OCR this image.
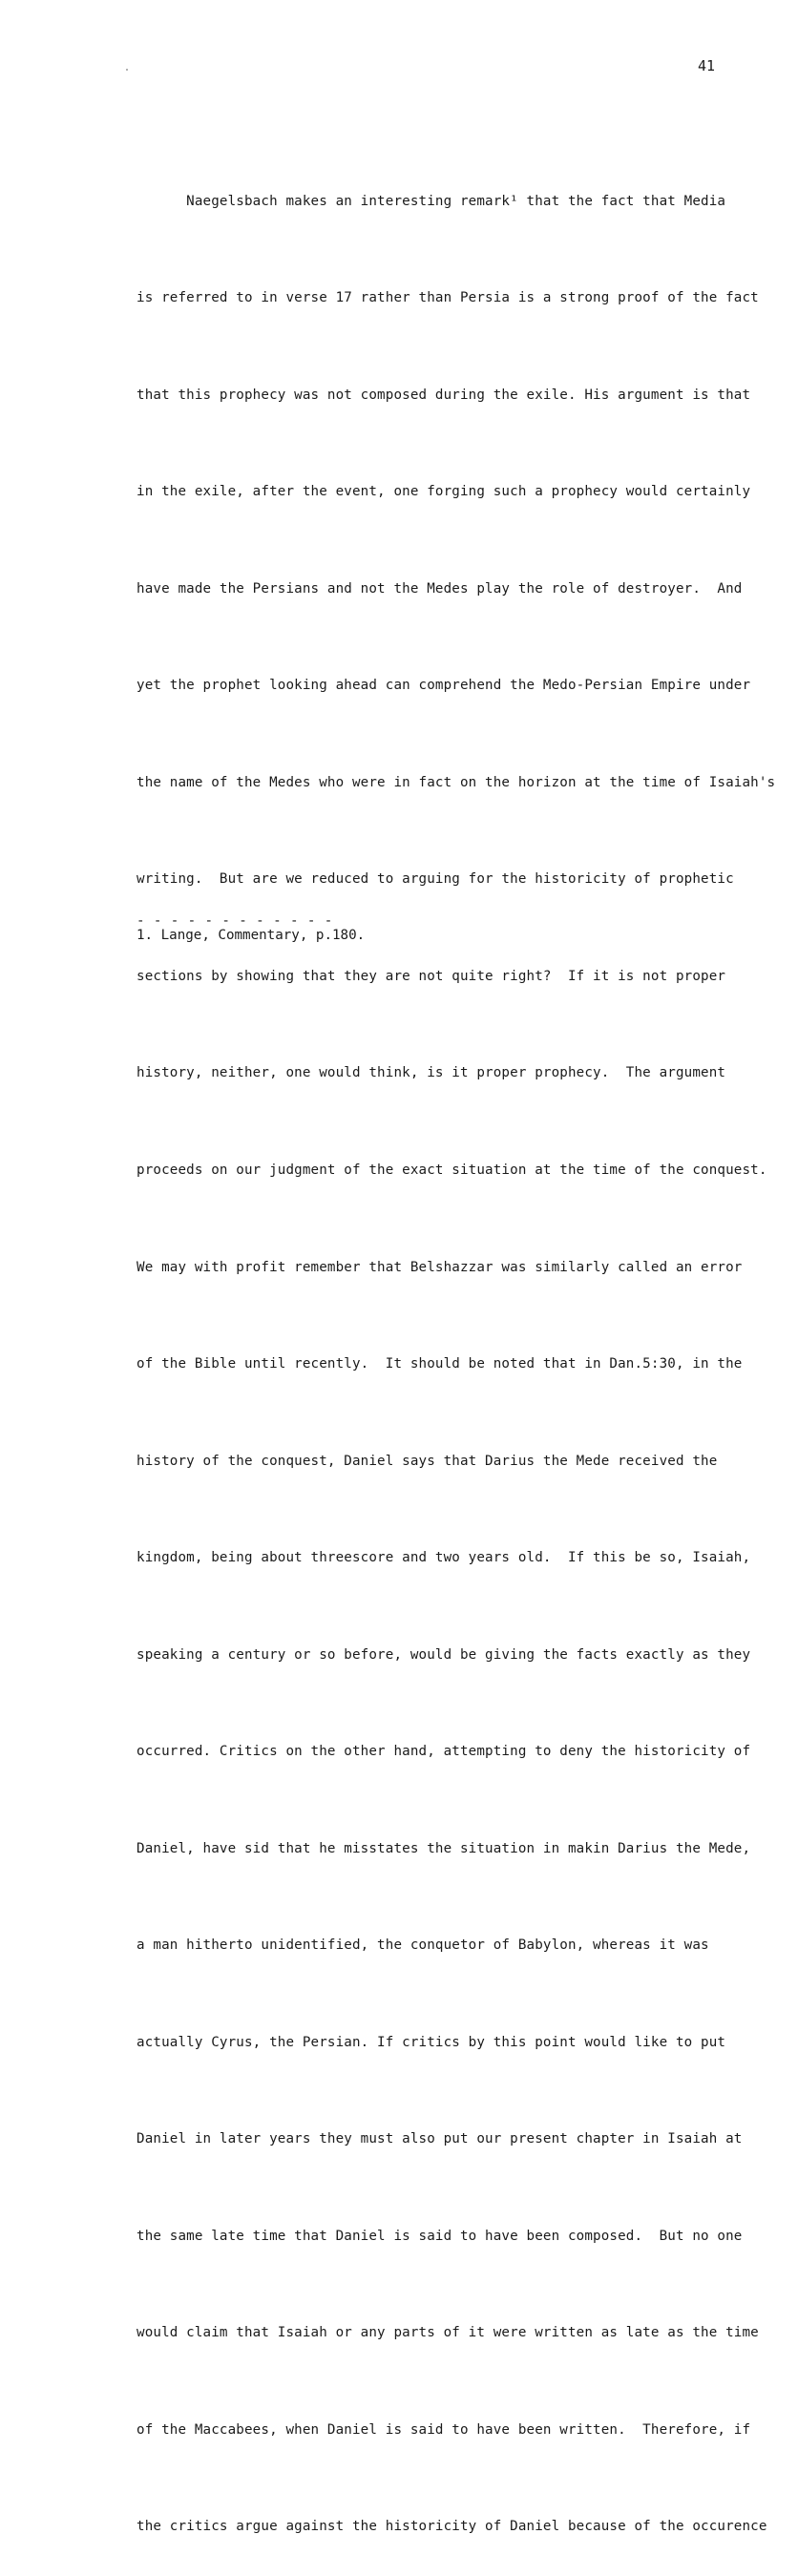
41

Naegelsbach makes an interesting remark¹ that the fact that Media

is referred to in verse 17 rather than Persia is a strong proof of the fact

that this prophecy was not composed during the exile. His argument is that

in the exile, after the event, one forging such a prophecy would certainly

have made the Persians and not the Medes play the role of destroyer.  And

yet the prophet looking ahead can comprehend the Medo-Persian Empire under

the name of the Medes who were in fact on the horizon at the time of Isaiah's

writing.  But are we reduced to arguing for the historicity of prophetic

sections by showing that they are not quite right?  If it is not proper

history, neither, one would think, is it proper prophecy.  The argument

proceeds on our judgment of the exact situation at the time of the conquest.

We may with profit remember that Belshazzar was similarly called an error

of the Bible until recently.  It should be noted that in Dan.5:30, in the

history of the conquest, Daniel says that Darius the Mede received the

kingdom, being about threescore and two years old.  If this be so, Isaiah,

speaking a century or so before, would be giving the facts exactly as they

occurred. Critics on the other hand, attempting to deny the historicity of

Daniel, have sid that he misstates the situation in makin Darius the Mede,

a man hitherto unidentified, the conquetor of Babylon, whereas it was

actually Cyrus, the Persian. If critics by this point would like to put

Daniel in later years they must also put our present chapter in Isaiah at

the same late time that Daniel is said to have been composed.  But no one

would claim that Isaiah or any parts of it were written as late as the time

of the Maccabees, when Daniel is said to have been written.  Therefore, if

the critics argue against the historicity of Daniel because of the occurence

- - - - - - - - - - - -
1. Lange, Commentary, p.180.
